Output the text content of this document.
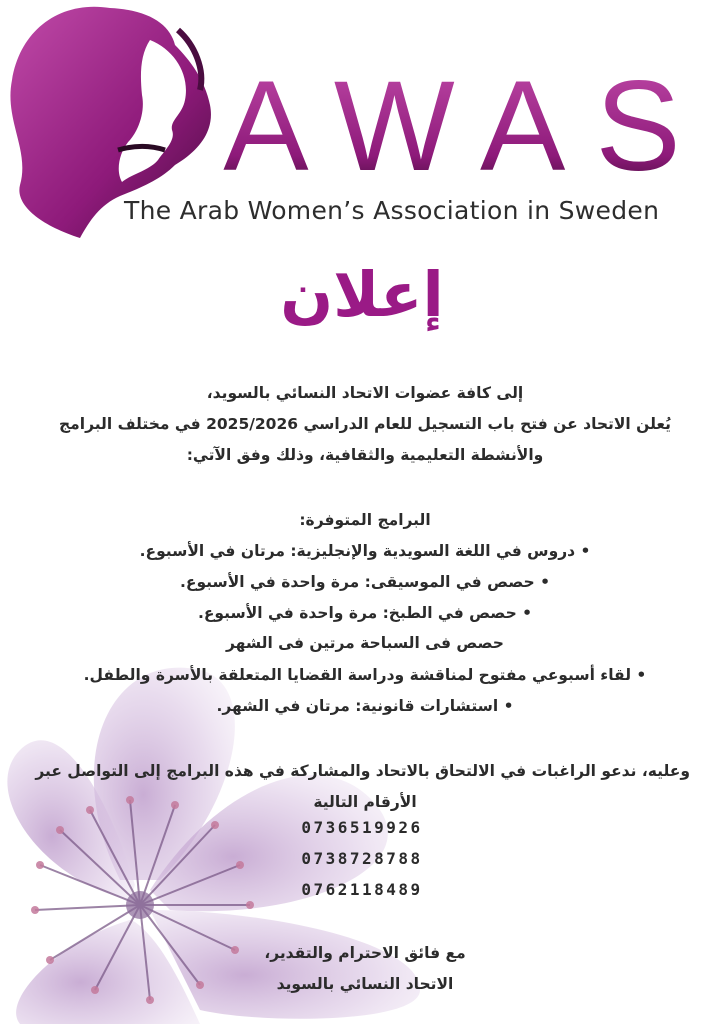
AWAS
The Arab Women’s Association in Sweden
إعلان
إلى كافة عضوات الاتحاد النسائي بالسويد،
يُعلن الاتحاد عن فتح باب التسجيل للعام الدراسي 2025/2026 في مختلف البرامج
والأنشطة التعليمية والثقافية، وذلك وفق الآتي:
البرامج المتوفرة:
• دروس في اللغة السويدية والإنجليزية: مرتان في الأسبوع.
• حصص في الموسيقى: مرة واحدة في الأسبوع.
• حصص في الطبخ: مرة واحدة في الأسبوع.
حصص فى السباحة مرتين فى الشهر
• لقاء أسبوعي مفتوح لمناقشة ودراسة القضايا المتعلقة بالأسرة والطفل.
• استشارات قانونية: مرتان في الشهر.
وعليه، ندعو الراغبات في الالتحاق بالاتحاد والمشاركة في هذه البرامج إلى التواصل عبر
الأرقام التالية
0736519926
0738728788
0762118489
مع فائق الاحترام والتقدير،
الاتحاد النسائي بالسويد
